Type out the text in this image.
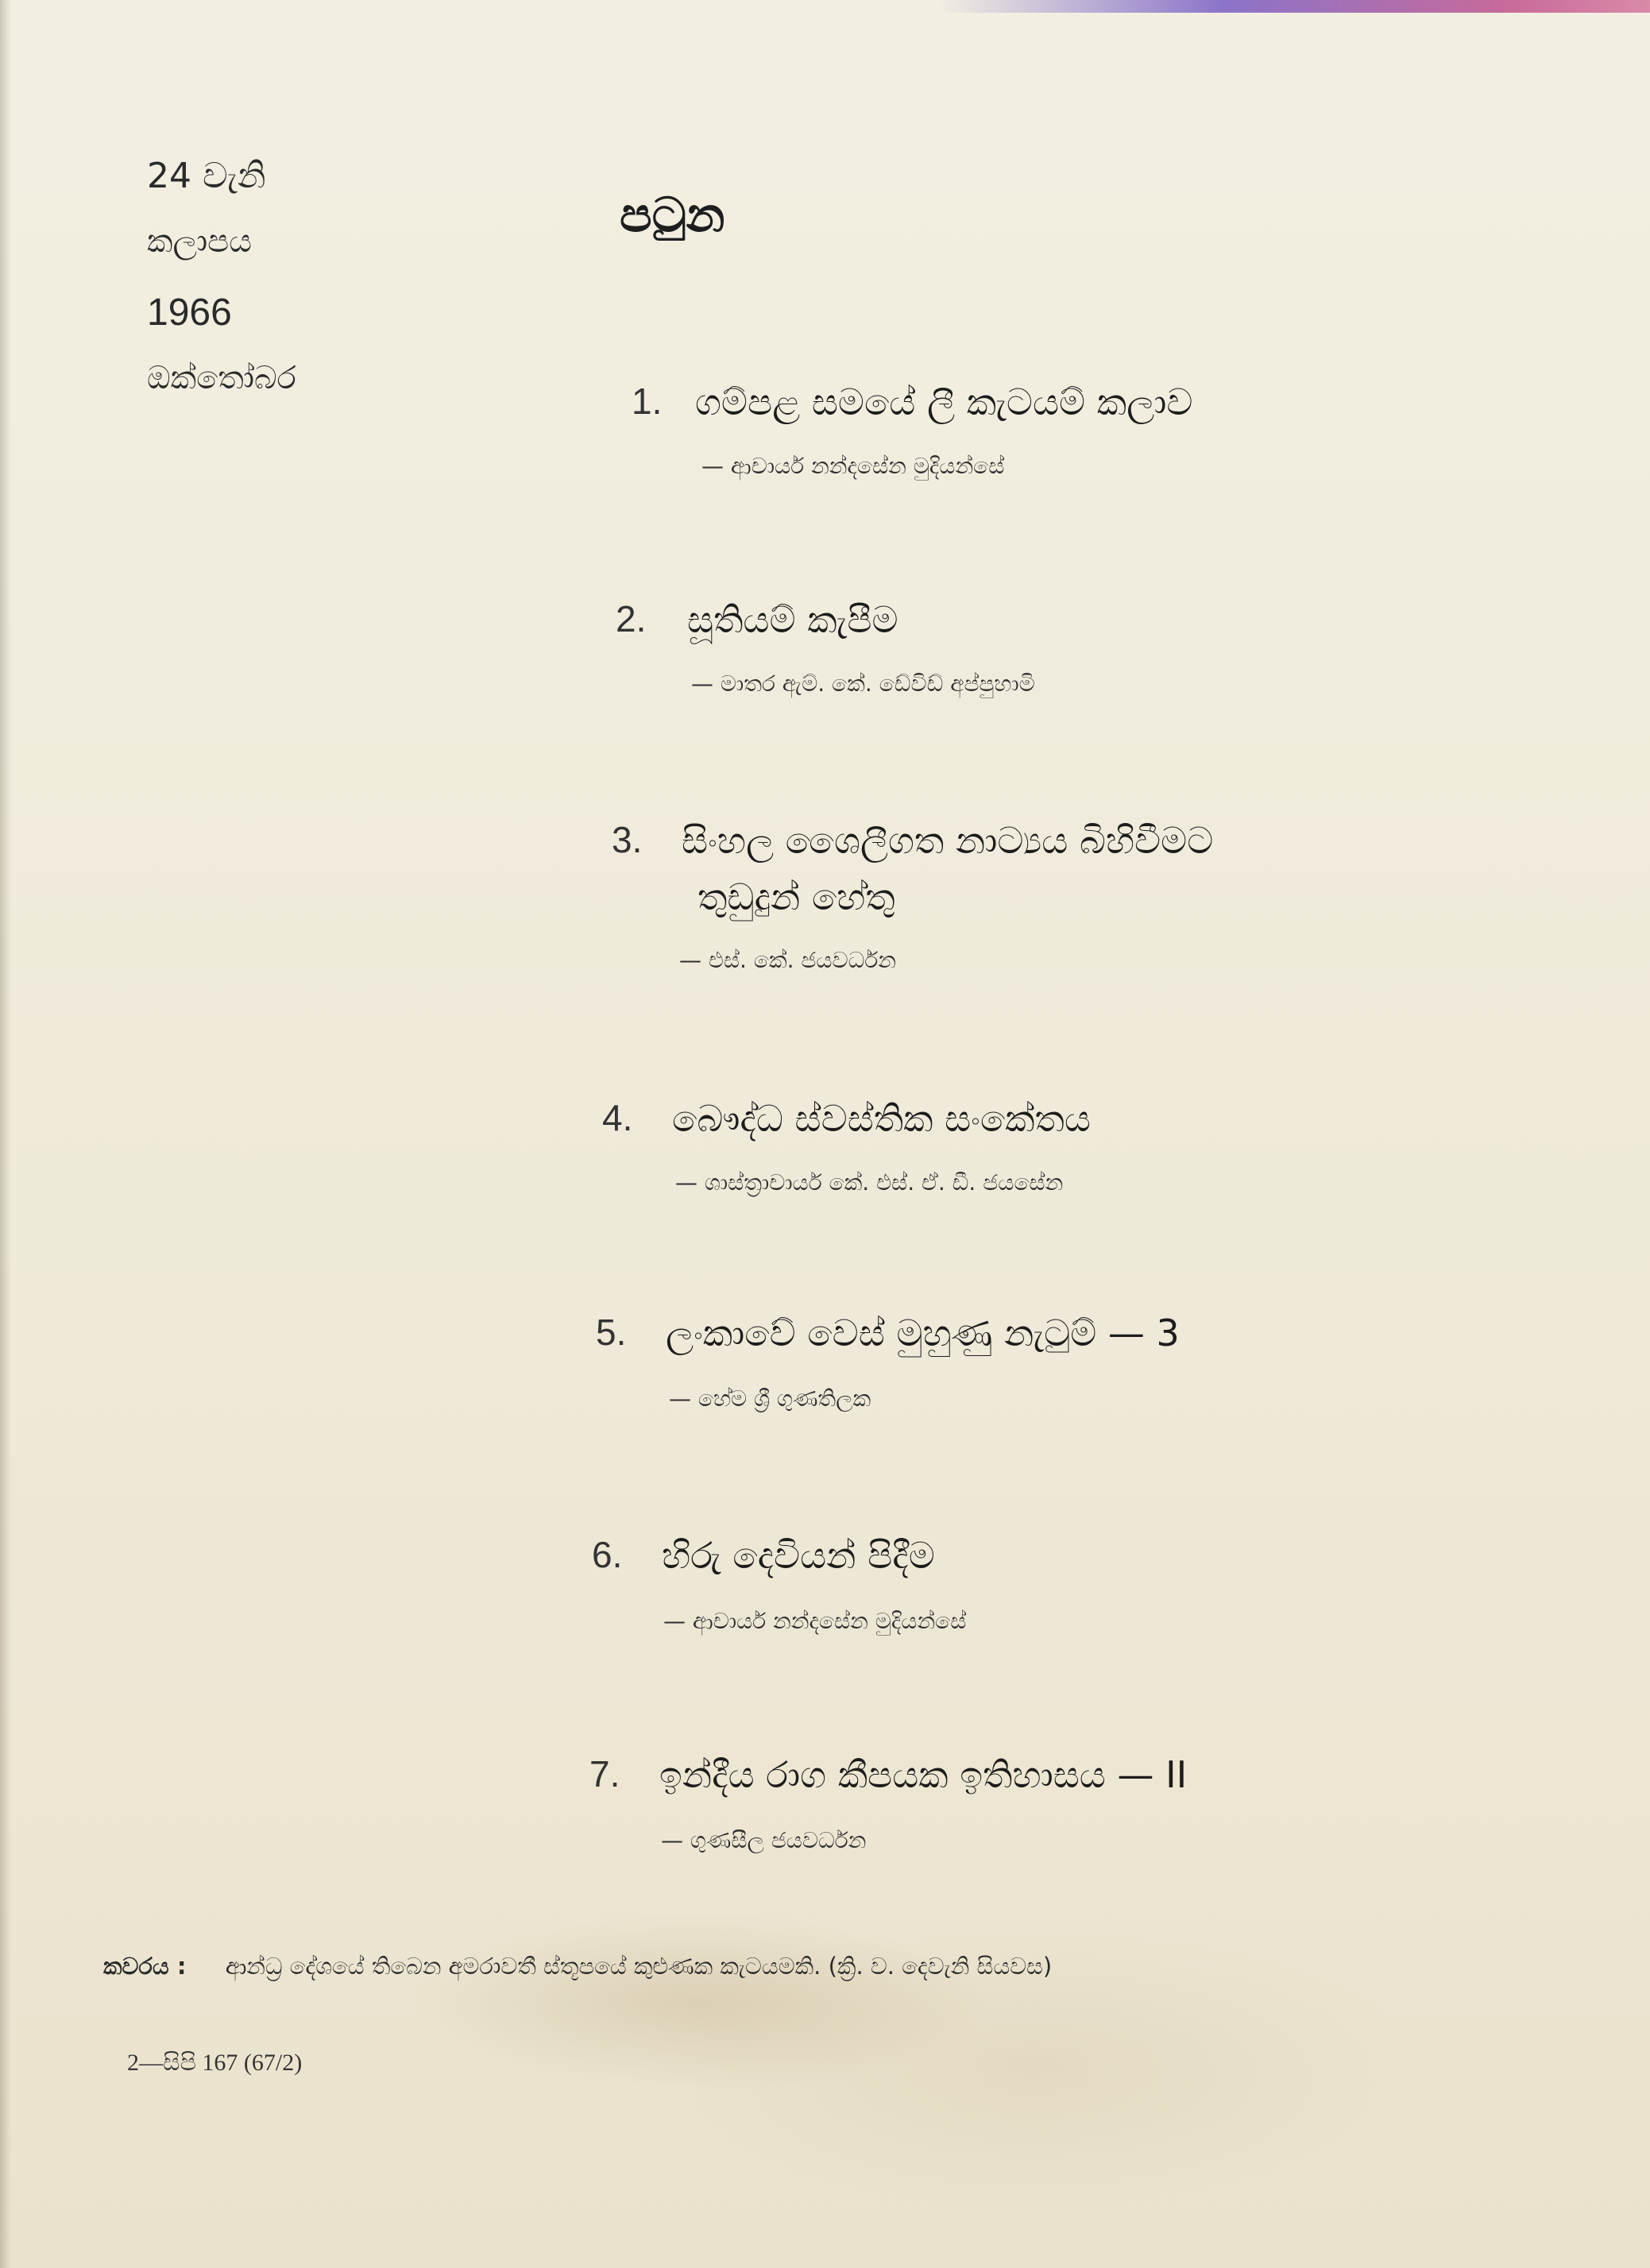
24 වැනි
කලාපය
1966
ඔක්තෝබර
පටුන
1. ගම්පළ සමයේ ලී කැටයම් කලාව
— ආචාර්ය නන්දසේන මුදියන්සේ
2. සූතියම් කැපීම
— මාතර ඇම්. කේ. ඩේවිඩ් අප්පුහාමි
3. සිංහල ශෛලීගත නාට්‍යය බිහිවීමට
තුඩුදුන් හේතු
— එස්. කේ. ජයවර්ධන
4. බෞද්ධ ස්වස්තික සංකේතය
— ශාස්ත්‍රාචාර්ය කේ. එස්. ඒ. ඩී. ජයසේන
5. ලංකාවේ වෙස් මුහුණු නැටුම් — 3
— හේම ශ්‍රී ගුණතිලක
6. හිරු දෙවියන් පිදීම
— ආචාර්ය නන්දසේන මුදියන්සේ
7. ඉන්දීය රාග කීපයක ඉතිහාසය — II
— ගුණසීල ජයවර්ධන
කවරය : ආන්ධ්‍ර දේශයේ තිබෙන අමරාවතී ස්තූපයේ කුළුණක කැටයමකි. (ක්‍රි. ව. දෙවැනි සියවස)
2—සිපි 167 (67/2)
